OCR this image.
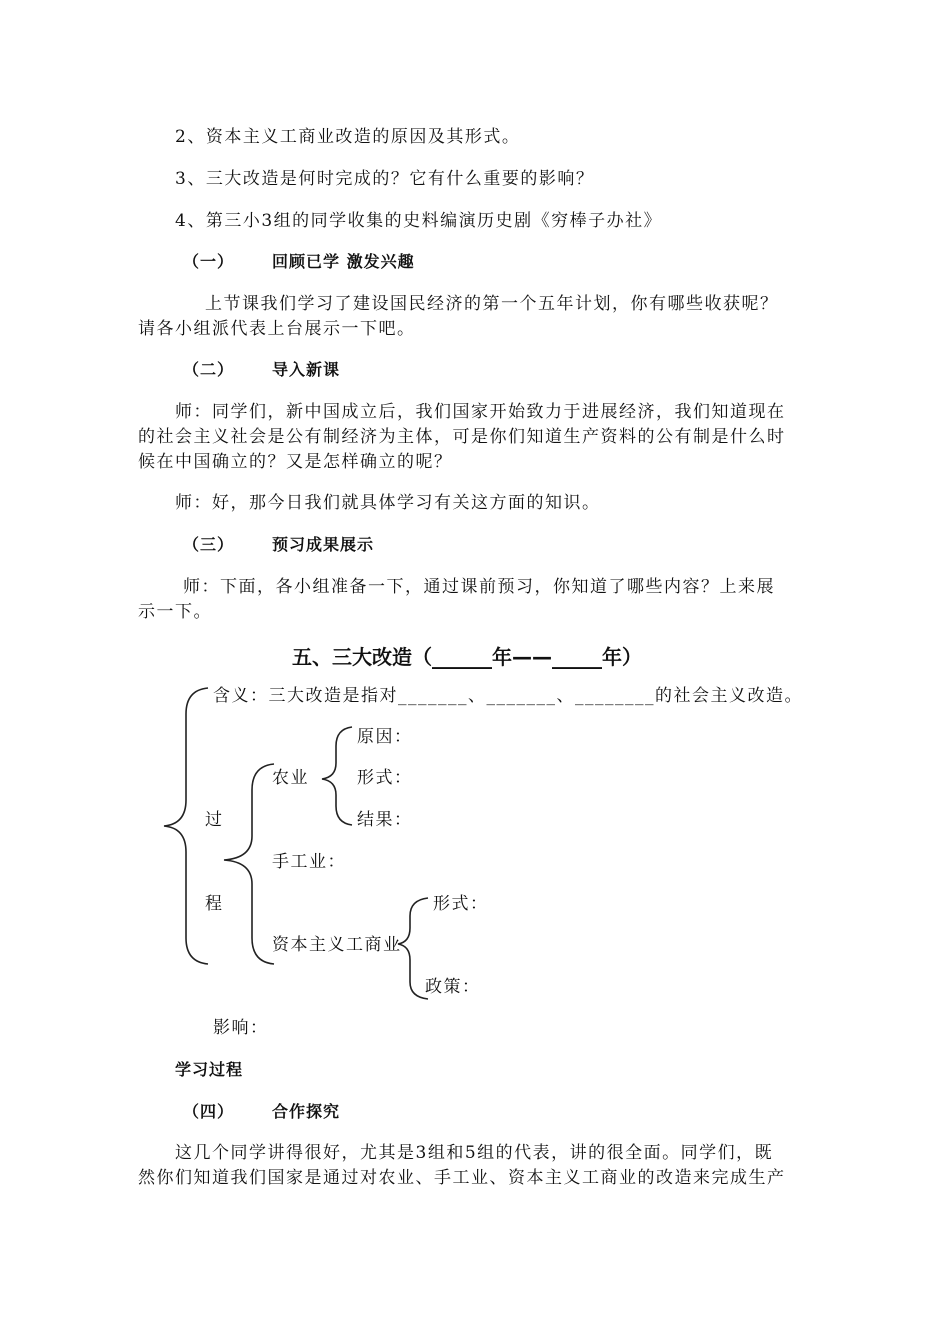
2、资本主义工商业改造的原因及其形式。
3、三大改造是何时完成的？它有什么重要的影响？
4、第三小3组的同学收集的史料编演历史剧《穷棒子办社》
（一） 回顾已学 激发兴趣
上节课我们学习了建设国民经济的第一个五年计划，你有哪些收获呢？
请各小组派代表上台展示一下吧。
（二） 导入新课
师：同学们，新中国成立后，我们国家开始致力于进展经济，我们知道现在
的社会主义社会是公有制经济为主体，可是你们知道生产资料的公有制是什么时
候在中国确立的？又是怎样确立的呢？
师：好，那今日我们就具体学习有关这方面的知识。
（三） 预习成果展示
师：下面，各小组准备一下，通过课前预习，你知道了哪些内容？上来展
示一下。
五、三大改造（______年——_____年）
含义：三大改造是指对_______、_______、________的社会主义改造。
原因：
农业	形式：
结果：
过
手工业：
程	形式：
资本主义工商业
政策：
影响：
学习过程
（四） 合作探究
这几个同学讲得很好，尤其是3组和5组的代表，讲的很全面。同学们，既
然你们知道我们国家是通过对农业、手工业、资本主义工商业的改造来完成生产
